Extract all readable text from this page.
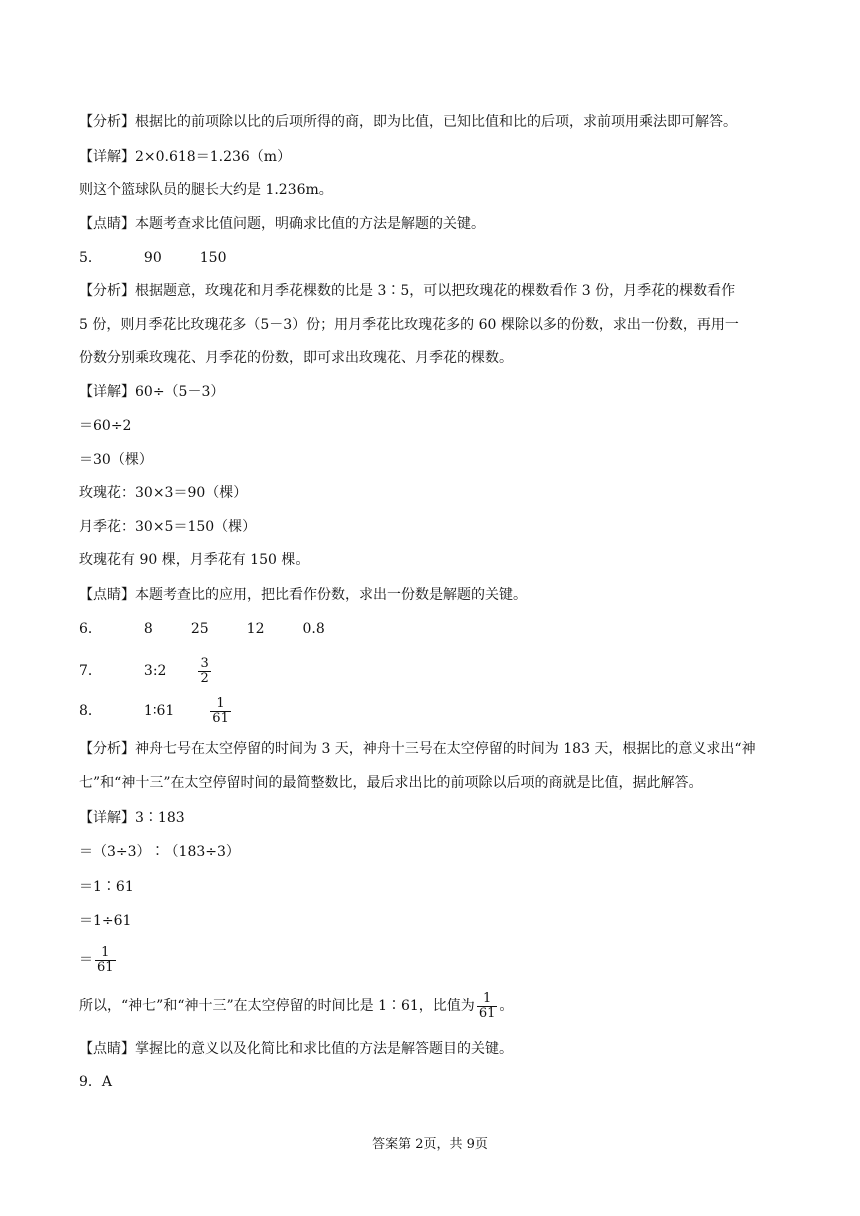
【分析】根据比的前项除以比的后项所得的商，即为比值，已知比值和比的后项，求前项用乘法即可解答。
【详解】2×0.618＝1.236（m）
则这个篮球队员的腿长大约是 1.236m。
【点睛】本题考查求比值问题，明确求比值的方法是解题的关键。
5．	90	150
【分析】根据题意，玫瑰花和月季花棵数的比是 3∶5，可以把玫瑰花的棵数看作 3 份，月季花的棵数看作
5 份，则月季花比玫瑰花多（5－3）份；用月季花比玫瑰花多的 60 棵除以多的份数，求出一份数，再用一
份数分别乘玫瑰花、月季花的份数，即可求出玫瑰花、月季花的棵数。
【详解】60÷（5－3）
＝60÷2
＝30（棵）
玫瑰花：30×3＝90（棵）
月季花：30×5＝150（棵）
玫瑰花有 90 棵，月季花有 150 棵。
【点睛】本题考查比的应用，把比看作份数，求出一份数是解题的关键。
6．	8	25	12	0.8
7．	3:2 $\frac{3}{2}$
8．	1∶61	$\frac{1}{61}$
【分析】神舟七号在太空停留的时间为 3 天，神舟十三号在太空停留的时间为 183 天，根据比的意义求出“神
七”和“神十三”在太空停留时间的最简整数比，最后求出比的前项除以后项的商就是比值，据此解答。
【详解】3∶183
＝（3÷3）∶（183÷3）
＝1∶61
＝1÷61
＝ $\frac{1}{61}$
所以，“神七”和“神十三”在太空停留的时间比是 1∶61，比值为 $\frac{1}{61}$ 。
【点睛】掌握比的意义以及化简比和求比值的方法是解答题目的关键。
9．A
答案第 2页，共 9页
